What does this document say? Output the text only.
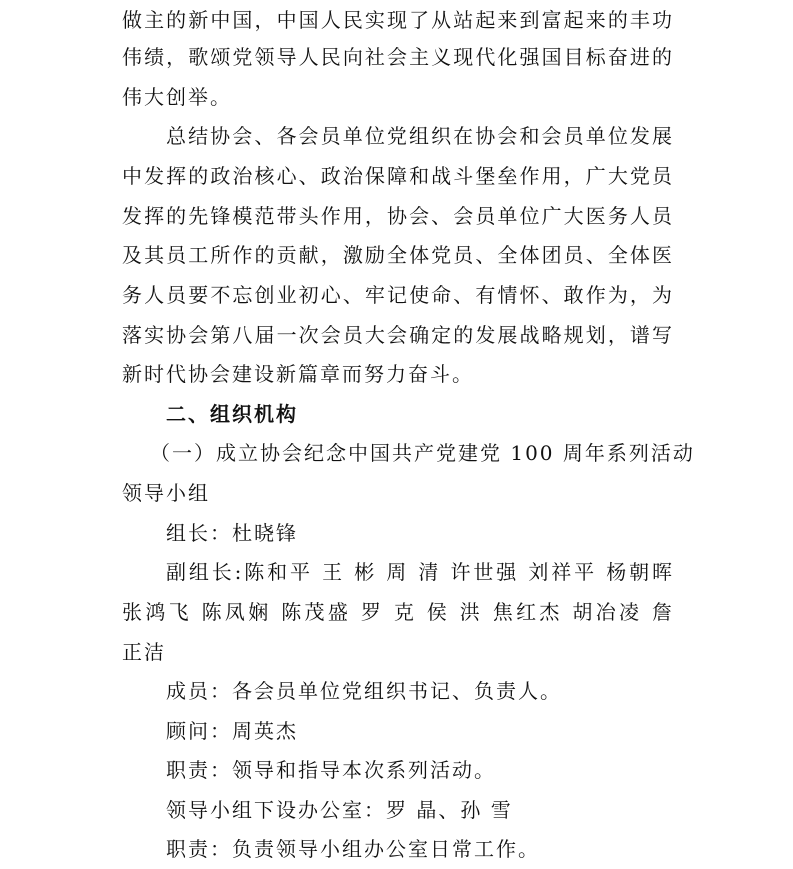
做主的新中国，中国人民实现了从站起来到富起来的丰功
伟绩，歌颂党领导人民向社会主义现代化强国目标奋进的
伟大创举。
总结协会、各会员单位党组织在协会和会员单位发展
中发挥的政治核心、政治保障和战斗堡垒作用，广大党员
发挥的先锋模范带头作用，协会、会员单位广大医务人员
及其员工所作的贡献，激励全体党员、全体团员、全体医
务人员要不忘创业初心、牢记使命、有情怀、敢作为，为
落实协会第八届一次会员大会确定的发展战略规划，谱写
新时代协会建设新篇章而努力奋斗。
二、组织机构
（一）成立协会纪念中国共产党建党 100 周年系列活动
领导小组
组长：杜晓锋
副组长:陈和平 王 彬 周 清 许世强 刘祥平 杨朝晖
张鸿飞 陈凤娴 陈茂盛 罗 克 侯 洪 焦红杰 胡冶凌 詹
正洁
成员：各会员单位党组织书记、负责人。
顾问：周英杰
职责：领导和指导本次系列活动。
领导小组下设办公室：罗 晶、孙 雪
职责：负责领导小组办公室日常工作。
